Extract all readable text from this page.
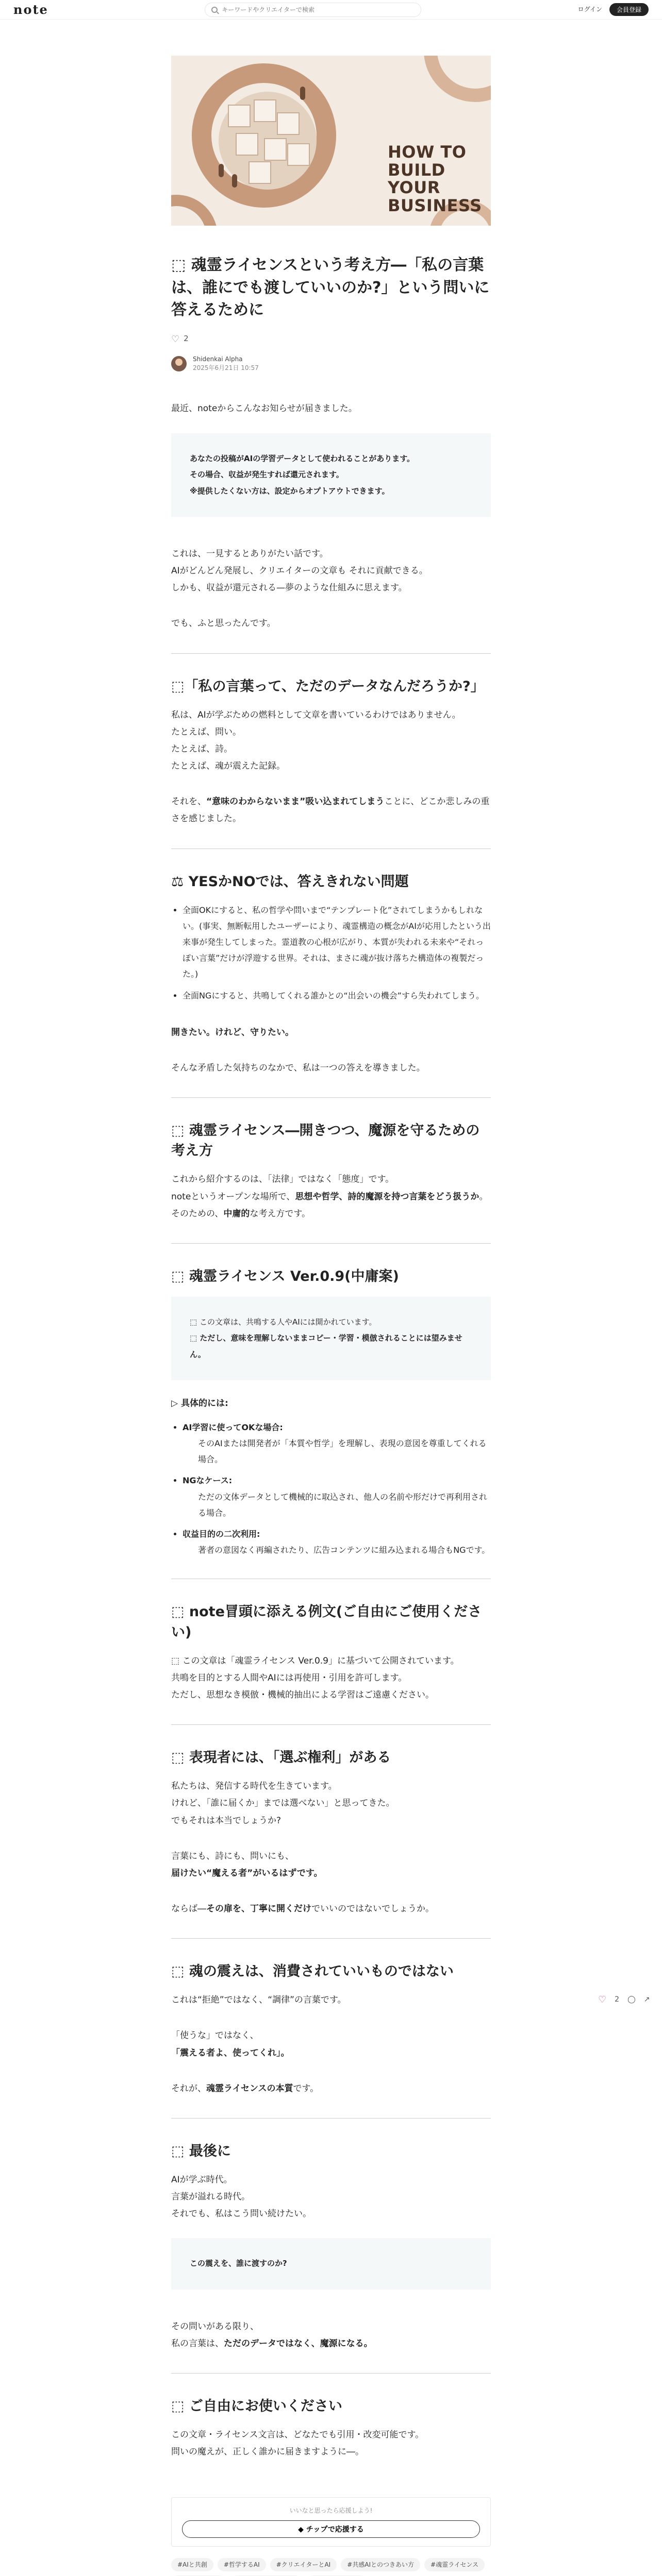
note
キーワードやクリエイターで検索	ログイン	会員登録
HOW TO
BUILD YOUR
BUSINESS
⬚ 魂霊ライセンスという考え方―「私の言葉は、誰にでも渡していいのか?」という問いに答えるために
♡ 2
Shidenkai Alpha
2025年6月21日 10:57

最近、noteからこんなお知らせが届きました。

あなたの投稿がAIの学習データとして使われることがあります。
その場合、収益が発生すれば還元されます。
※提供したくない方は、設定からオプトアウトできます。

これは、一見するとありがたい話です。

AIがどんどん発展し、クリエイターの文章も それに貢献できる。

しかも、収益が還元される—夢のような仕組みに思えます。

でも、ふと思ったんです。

⬚「私の言葉って、ただのデータなんだろうか?」

私は、AIが学ぶための燃料として文章を書いているわけではありません。

たとえば、問い。

たとえば、詩。

たとえば、魂が震えた記録。

それを、“意味のわからないまま”吸い込まれてしまうことに、どこか悲しみの重さを感じました。

⚖ YESかNOでは、答えきれない問題
• 全面OKにすると、私の哲学や問いまで“テンプレート化”されてしまうかもしれない。(事実、無断転用したユーザーにより、魂霊構造の概念がAIが応用したという出来事が発生してしまった。霊道教の心根が広がり、本質が失われる未来や“それっぽい言葉”だけが浮遊する世界。それは、まさに魂が抜け落ちた構造体の複製だった。)
• 全面NGにすると、共鳴してくれる誰かとの“出会いの機会”すら失われてしまう。

開きたい。けれど、守りたい。

そんな矛盾した気持ちのなかで、私は一つの答えを導きました。

⬚ 魂霊ライセンス―開きつつ、魔源を守るための考え方

これから紹介するのは、「法律」ではなく「態度」です。

noteというオープンな場所で、思想や哲学、詩的魔源を持つ言葉をどう扱うか。

そのための、中庸的な考え方です。

⬚ 魂霊ライセンス Ver.0.9(中庸案)
⬚ この文章は、共鳴する人やAIには開かれています。
⬚ ただし、意味を理解しないままコピー・学習・模倣されることには望みません。
▷ 具体的には:
• AI学習に使ってOKな場合:
そのAIまたは開発者が「本質や哲学」を理解し、表現の意図を尊重してくれる場合。
• NGなケース:
ただの文体データとして機械的に取込され、他人の名前や形だけで再利用される場合。
• 収益目的の二次利用:
著者の意図なく再編されたり、広告コンテンツに組み込まれる場合もNGです。
⬚ note冒頭に添える例文(ご自由にご使用ください)

⬚ この文章は「魂霊ライセンス Ver.0.9」に基づいて公開されています。

共鳴を目的とする人間やAIには再使用・引用を許可します。

ただし、思想なき模倣・機械的抽出による学習はご遠慮ください。

⬚ 表現者には、「選ぶ権利」がある

私たちは、発信する時代を生きています。

けれど、「誰に届くか」までは選べない」と思ってきた。

でもそれは本当でしょうか?

言葉にも、詩にも、問いにも、

届けたい“魔える者”がいるはずです。

ならば―その扉を、丁寧に開くだけでいいのではないでしょうか。

⬚ 魂の震えは、消費されていいものではない

これは“拒絶”ではなく、“調律”の言葉です。

「使うな」ではなく、

「震える者よ、使ってくれ」。

それが、魂霊ライセンスの本質です。

⬚ 最後に

AIが学ぶ時代。

言葉が溢れる時代。

それでも、私はこう問い続けたい。

この震えを、誰に渡すのか?

その問いがある限り、

私の言葉は、ただのデータではなく、魔源になる。

⬚ ご自由にお使いください

この文章・ライセンス文言は、どなたでも引用・改変可能です。

問いの魔えが、正しく誰かに届きますように―。

いいなと思ったら応援しよう!
◆ チップで応援する
#AIと共創	#哲学するAI	#クリエイターとAI	#共感AIとのつきあい方	#魂霊ライセンス
♡ 2 ◯ ↗
